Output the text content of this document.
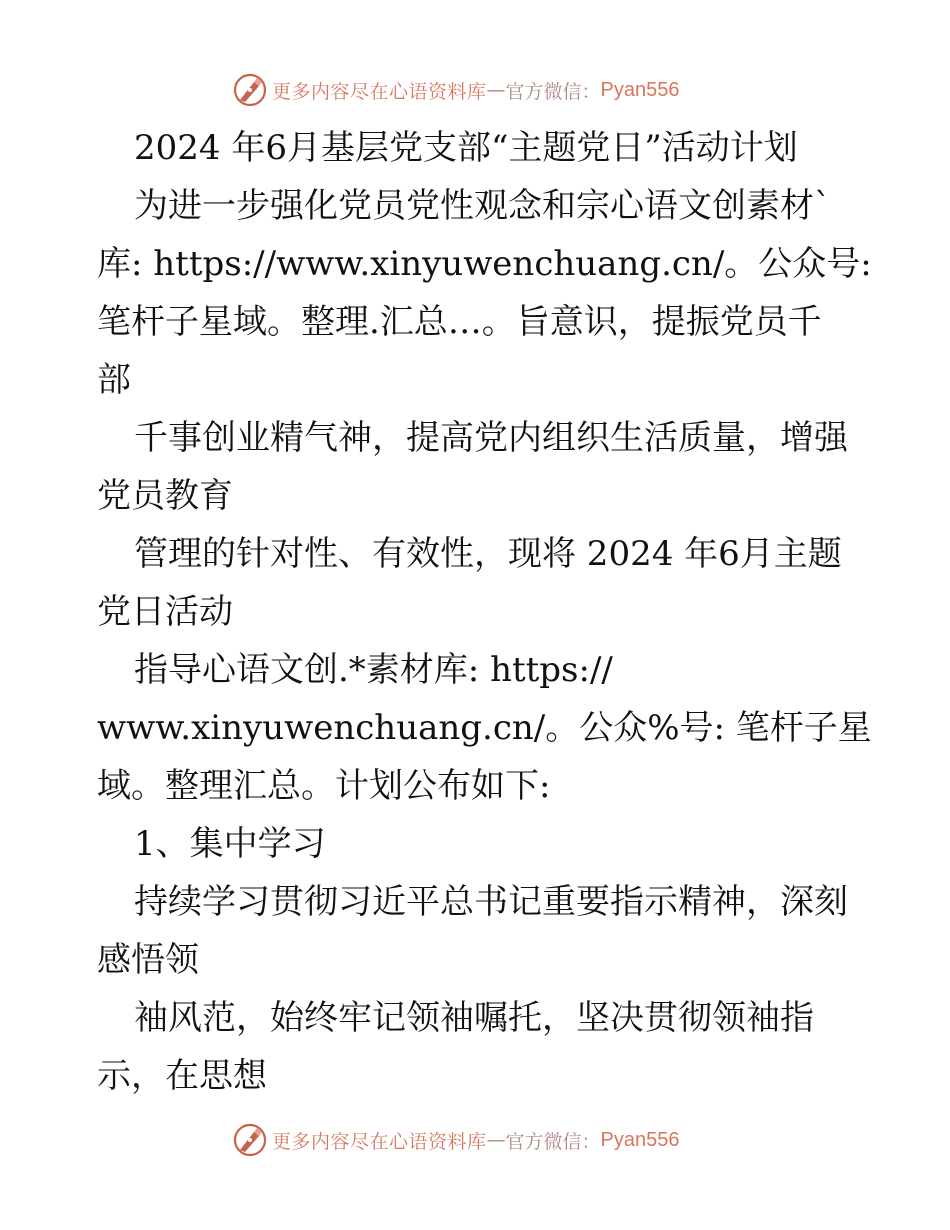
更多内容尽在心语资料库 — 官方微信： Pyan556
2024 年6月基层党支部“主题党日”活动计划
为进一步强化党员党性观念和宗心语文创素材`
库: https://www.xinyuwenchuang.cn/。公众号:
笔杆子星域。整理.汇总…。旨意识，提振党员千
部
千事创业精气神，提高党内组织生活质量，增强
党员教育
管理的针对性、有效性，现将 2024 年6月主题
党日活动
指导心语文创.*素材库: https://
www.xinyuwenchuang.cn/。公众%号: 笔杆子星
域。整理汇总。计划公布如下:
1、集中学习
持续学习贯彻习近平总书记重要指示精神，深刻
感悟领
袖风范，始终牢记领袖嘱托，坚决贯彻领袖指
示，在思想
更多内容尽在心语资料库 — 官方微信： Pyan556
